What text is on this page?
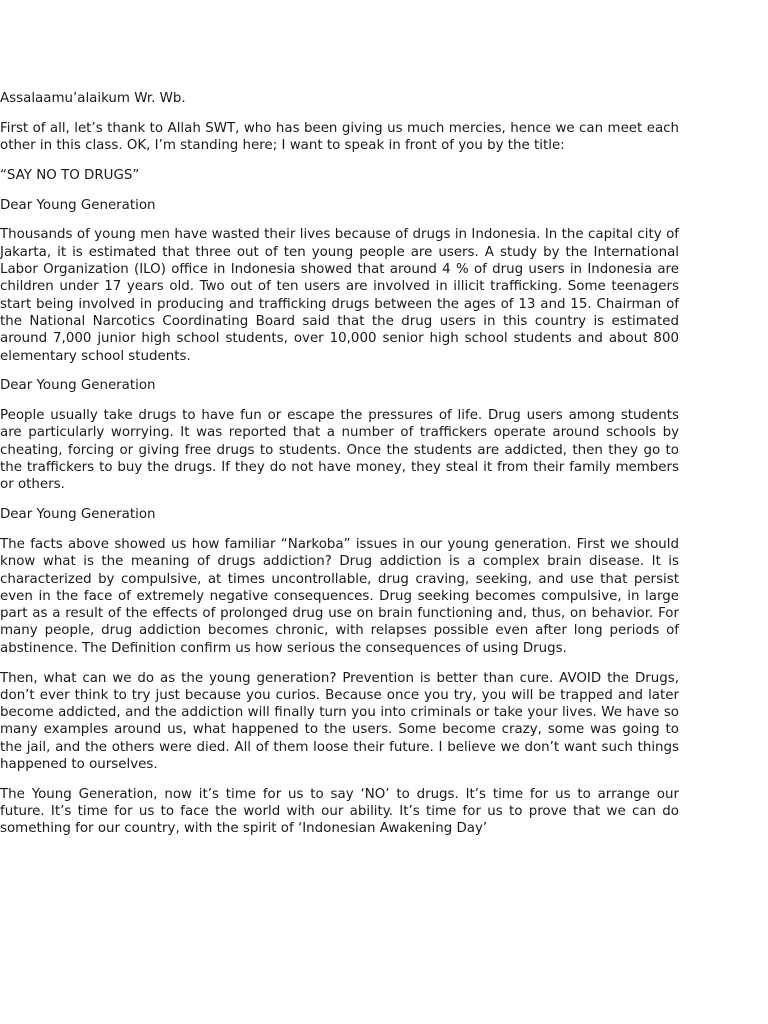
Assalaamu’alaikum Wr. Wb.

First of all, let’s thank to Allah SWT, who has been giving us much mercies, hence we can meet each other in this class. OK, I’m standing here; I want to speak in front of you by the title:

“SAY NO TO DRUGS”

Dear Young Generation

Thousands of young men have wasted their lives because of drugs in Indonesia. In the capital city of Jakarta, it is estimated that three out of ten young people are users. A study by the International Labor Organization (ILO) office in Indonesia showed that around 4 % of drug users in Indonesia are children under 17 years old. Two out of ten users are involved in illicit trafficking. Some teenagers start being involved in producing and trafficking drugs between the ages of 13 and 15. Chairman of the National Narcotics Coordinating Board said that the drug users in this country is estimated around 7,000 junior high school students, over 10,000 senior high school students and about 800 elementary school students.

Dear Young Generation

People usually take drugs to have fun or escape the pressures of life. Drug users among students are particularly worrying. It was reported that a number of traffickers operate around schools by cheating, forcing or giving free drugs to students. Once the students are addicted, then they go to the traffickers to buy the drugs. If they do not have money, they steal it from their family members or others.

Dear Young Generation

The facts above showed us how familiar “Narkoba” issues in our young generation. First we should know what is the meaning of drugs addiction? Drug addiction is a complex brain disease. It is characterized by compulsive, at times uncontrollable, drug craving, seeking, and use that persist even in the face of extremely negative consequences. Drug seeking becomes compulsive, in large part as a result of the effects of prolonged drug use on brain functioning and, thus, on behavior. For many people, drug addiction becomes chronic, with relapses possible even after long periods of abstinence. The Definition confirm us how serious the consequences of using Drugs.

Then, what can we do as the young generation? Prevention is better than cure. AVOID the Drugs, don’t ever think to try just because you curios. Because once you try, you will be trapped and later become addicted, and the addiction will finally turn you into criminals or take your lives. We have so many examples around us, what happened to the users. Some become crazy, some was going to the jail, and the others were died. All of them loose their future. I believe we don’t want such things happened to ourselves.

The Young Generation, now it’s time for us to say ‘NO’ to drugs. It’s time for us to arrange our future. It’s time for us to face the world with our ability. It’s time for us to prove that we can do something for our country, with the spirit of ‘Indonesian Awakening Day’
